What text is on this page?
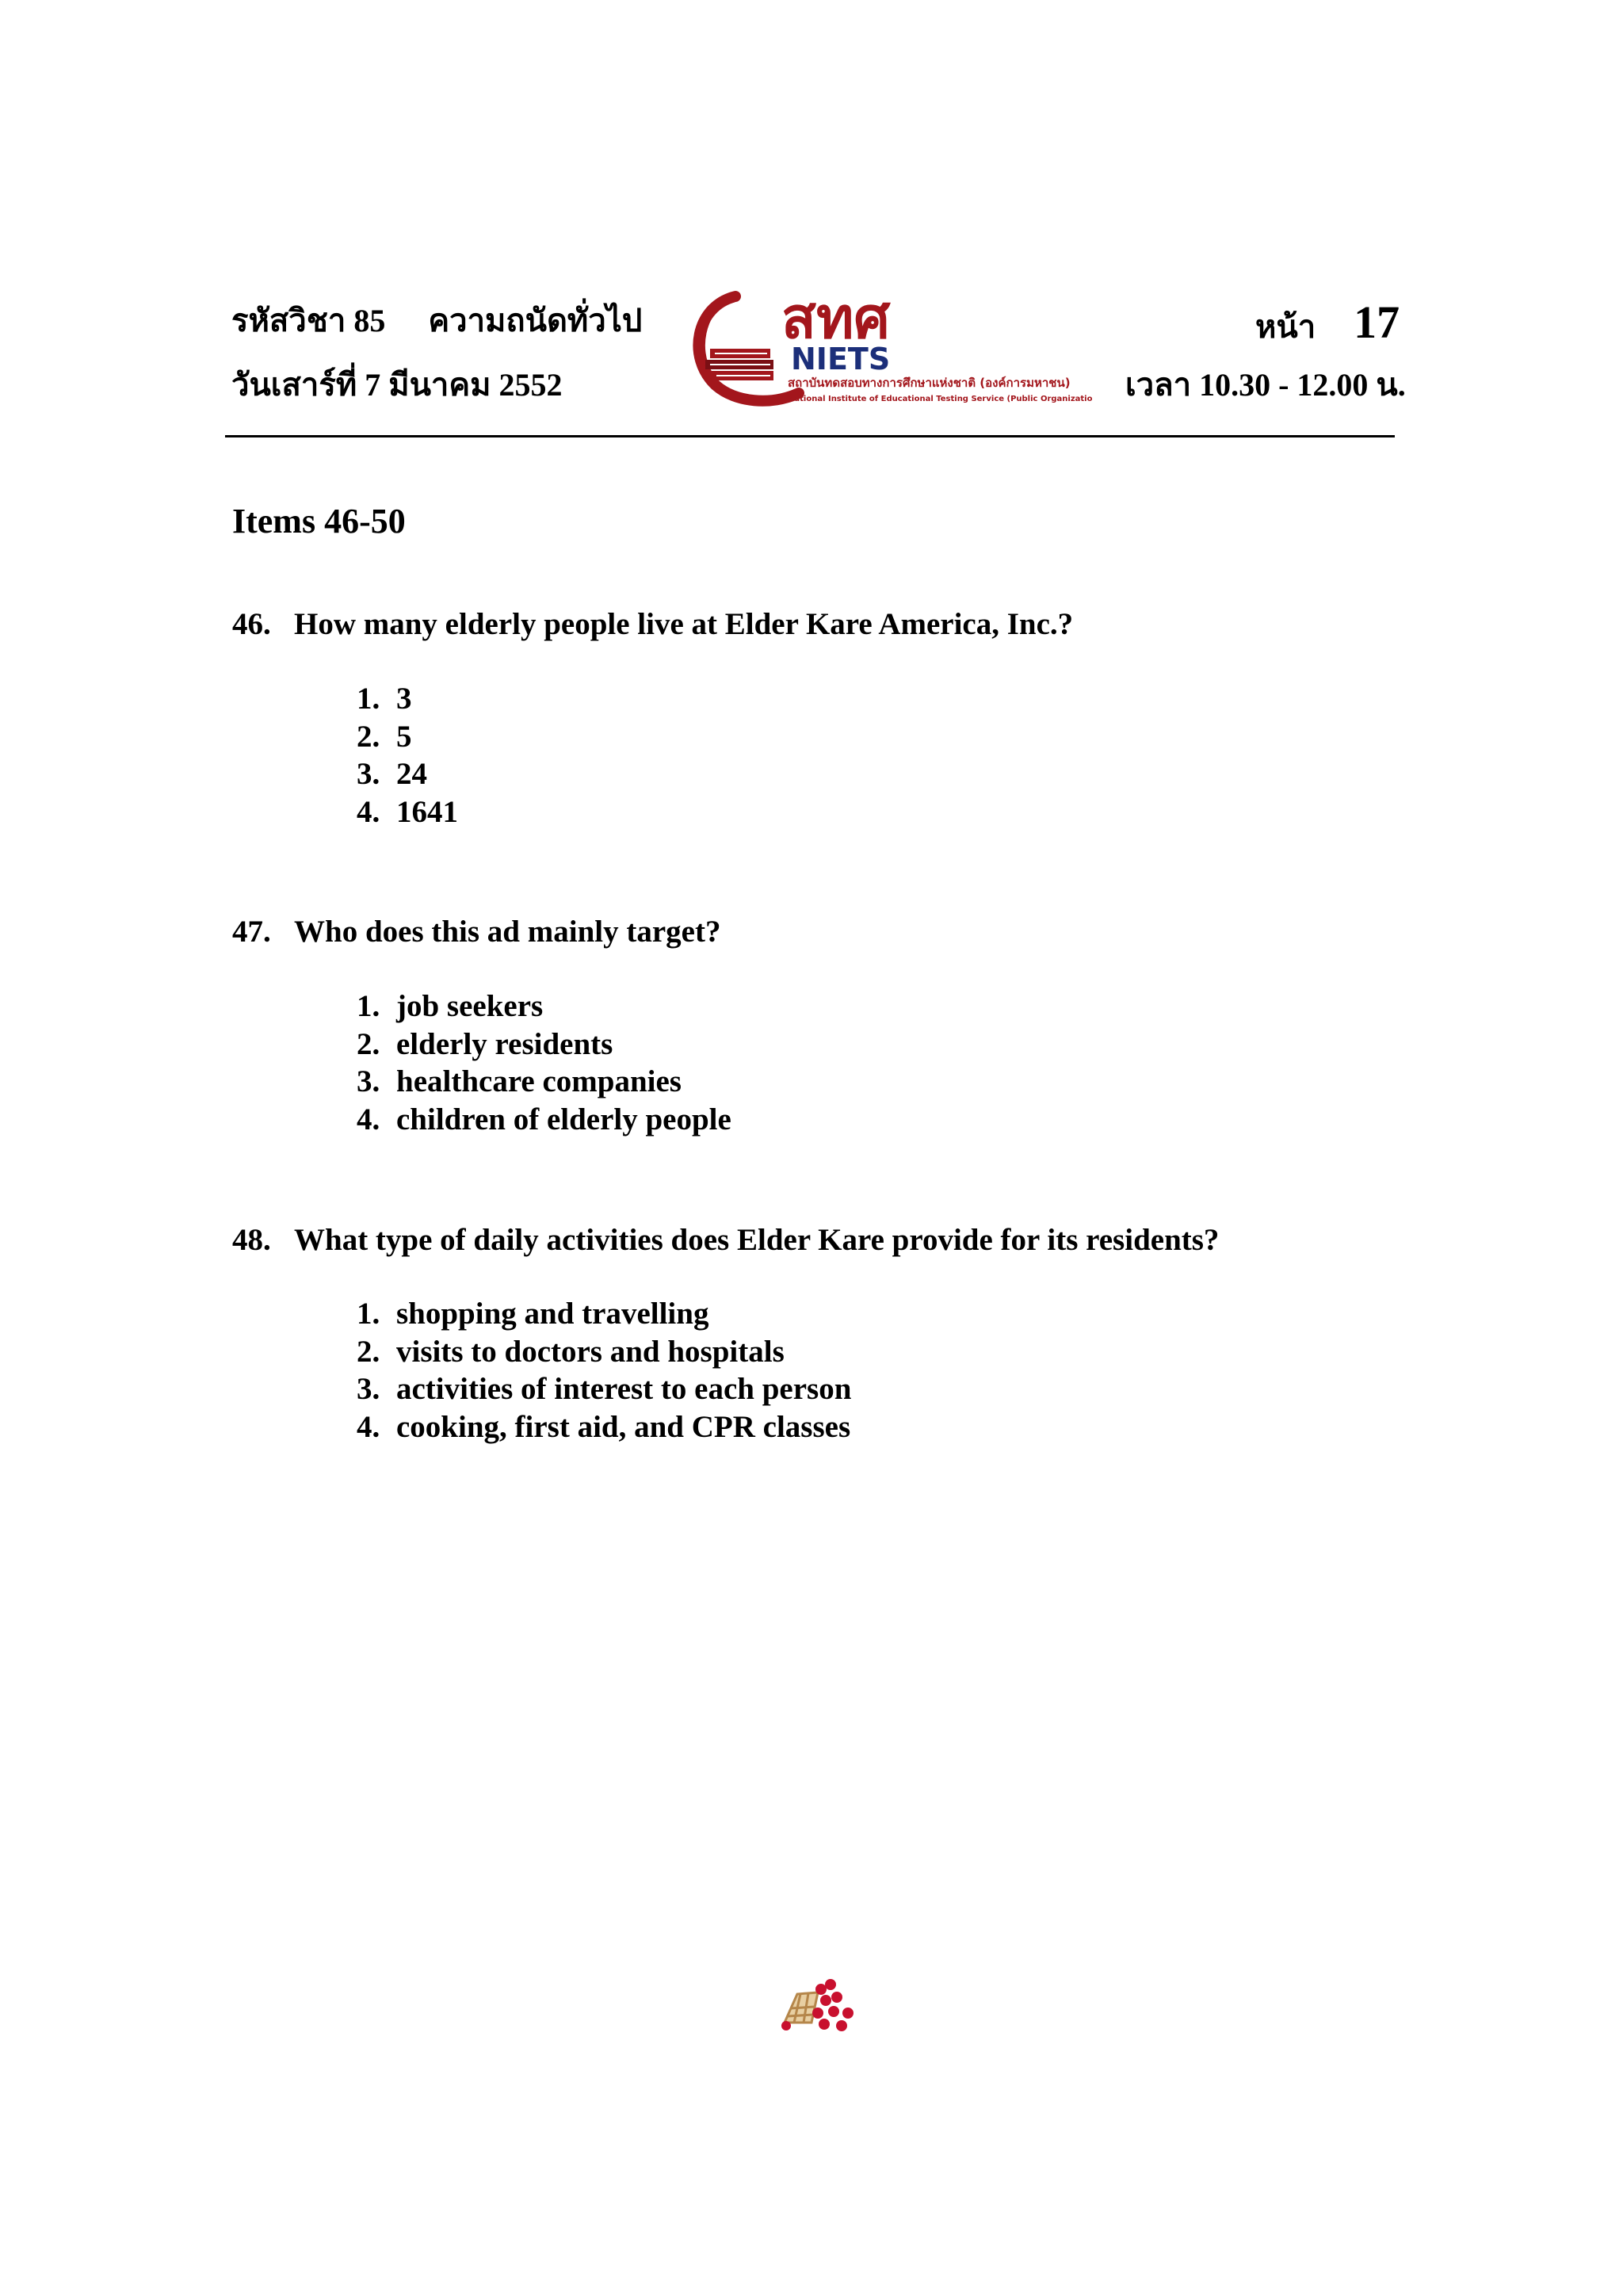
รหัสวิชา 85 ความถนัดทั่วไป
วันเสาร์ที่ 7 มีนาคม 2552
สทศ
NIETS
สถาบันทดสอบทางการศึกษาแห่งชาติ (องค์การมหาชน)
National Institute of Educational Testing Service (Public Organization)
หน้า 17
เวลา 10.30 - 12.00 น.
Items 46-50
46. How many elderly people live at Elder Kare America, Inc.?
1. 3
2. 5
3. 24
4. 1641
47. Who does this ad mainly target?
1. job seekers
2. elderly residents
3. healthcare companies
4. children of elderly people
48. What type of daily activities does Elder Kare provide for its residents?
1. shopping and travelling
2. visits to doctors and hospitals
3. activities of interest to each person
4. cooking, first aid, and CPR classes
